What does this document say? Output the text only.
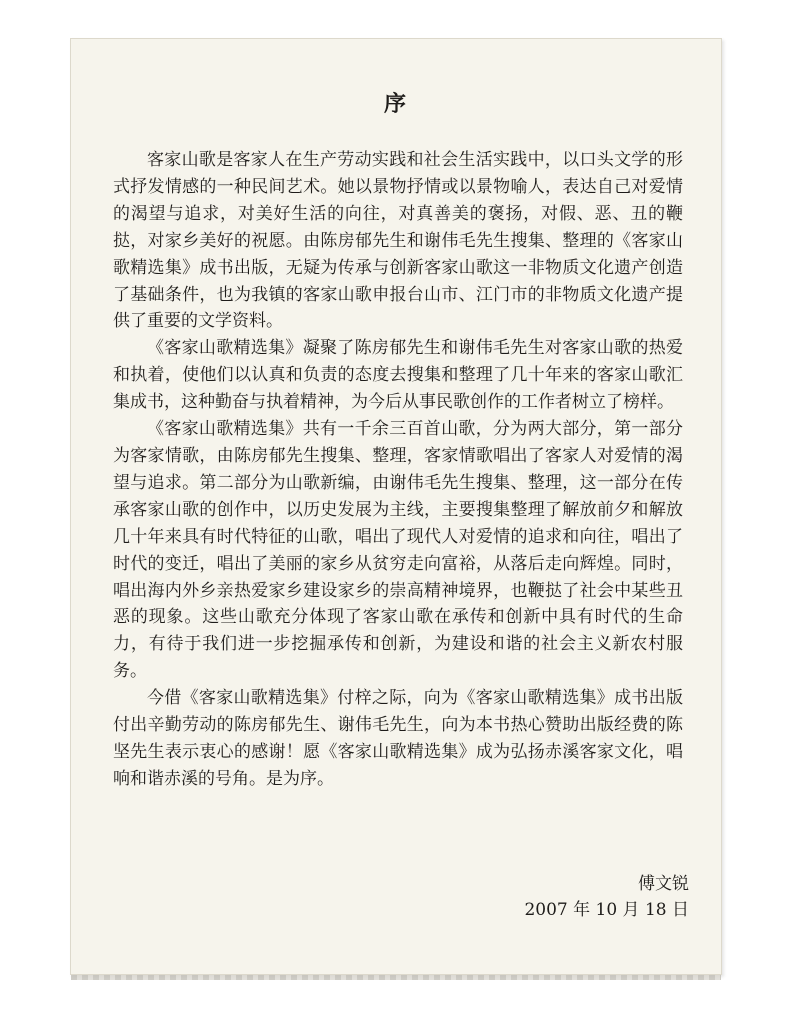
序

客家山歌是客家人在生产劳动实践和社会生活实践中，以口头文学的形式抒发情感的一种民间艺术。她以景物抒情或以景物喻人，表达自己对爱情的渴望与追求，对美好生活的向往，对真善美的褒扬，对假、恶、丑的鞭挞，对家乡美好的祝愿。由陈房郁先生和谢伟毛先生搜集、整理的《客家山歌精选集》成书出版，无疑为传承与创新客家山歌这一非物质文化遗产创造了基础条件，也为我镇的客家山歌申报台山市、江门市的非物质文化遗产提供了重要的文学资料。

《客家山歌精选集》凝聚了陈房郁先生和谢伟毛先生对客家山歌的热爱和执着，使他们以认真和负责的态度去搜集和整理了几十年来的客家山歌汇集成书，这种勤奋与执着精神，为今后从事民歌创作的工作者树立了榜样。

《客家山歌精选集》共有一千余三百首山歌，分为两大部分，第一部分为客家情歌，由陈房郁先生搜集、整理，客家情歌唱出了客家人对爱情的渴望与追求。第二部分为山歌新编，由谢伟毛先生搜集、整理，这一部分在传承客家山歌的创作中，以历史发展为主线，主要搜集整理了解放前夕和解放几十年来具有时代特征的山歌，唱出了现代人对爱情的追求和向往，唱出了时代的变迁，唱出了美丽的家乡从贫穷走向富裕，从落后走向辉煌。同时，唱出海内外乡亲热爱家乡建设家乡的崇高精神境界，也鞭挞了社会中某些丑恶的现象。这些山歌充分体现了客家山歌在承传和创新中具有时代的生命力，有待于我们进一步挖掘承传和创新，为建设和谐的社会主义新农村服务。

今借《客家山歌精选集》付梓之际，向为《客家山歌精选集》成书出版付出辛勤劳动的陈房郁先生、谢伟毛先生，向为本书热心赞助出版经费的陈坚先生表示衷心的感谢！愿《客家山歌精选集》成为弘扬赤溪客家文化，唱响和谐赤溪的号角。是为序。

傅文锐
2007 年 10 月 18 日
